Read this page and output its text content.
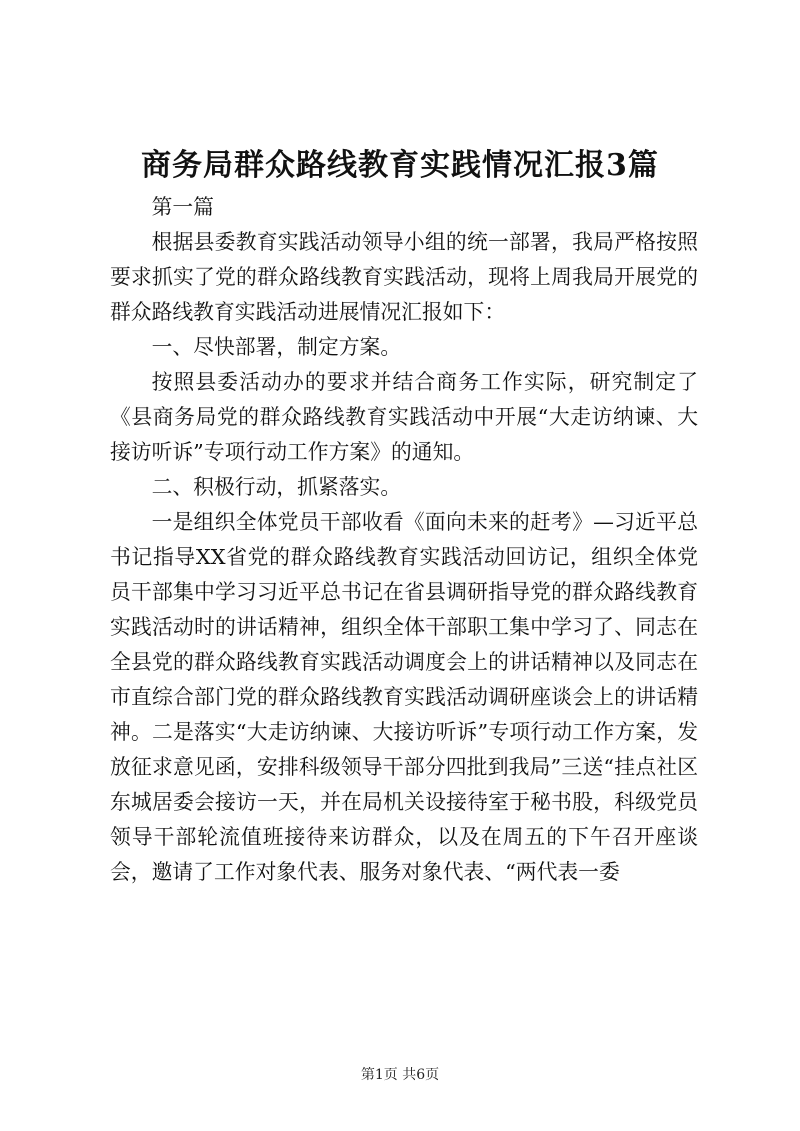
商务局群众路线教育实践情况汇报3篇

第一篇

根据县委教育实践活动领导小组的统一部署，我局严格按照要求抓实了党的群众路线教育实践活动，现将上周我局开展党的群众路线教育实践活动进展情况汇报如下：

一、尽快部署，制定方案。

按照县委活动办的要求并结合商务工作实际，研究制定了《县商务局党的群众路线教育实践活动中开展“大走访纳谏、大接访听诉”专项行动工作方案》的通知。

二、积极行动，抓紧落实。

一是组织全体党员干部收看《面向未来的赶考》—习近平总书记指导XX省党的群众路线教育实践活动回访记，组织全体党员干部集中学习习近平总书记在省县调研指导党的群众路线教育实践活动时的讲话精神，组织全体干部职工集中学习了、同志在全县党的群众路线教育实践活动调度会上的讲话精神以及同志在市直综合部门党的群众路线教育实践活动调研座谈会上的讲话精神。二是落实“大走访纳谏、大接访听诉”专项行动工作方案，发放征求意见函，安排科级领导干部分四批到我局”三送“挂点社区东城居委会接访一天，并在局机关设接待室于秘书股，科级党员领导干部轮流值班接待来访群众，以及在周五的下午召开座谈会，邀请了工作对象代表、服务对象代表、“两代表一委

第1页 共6页
